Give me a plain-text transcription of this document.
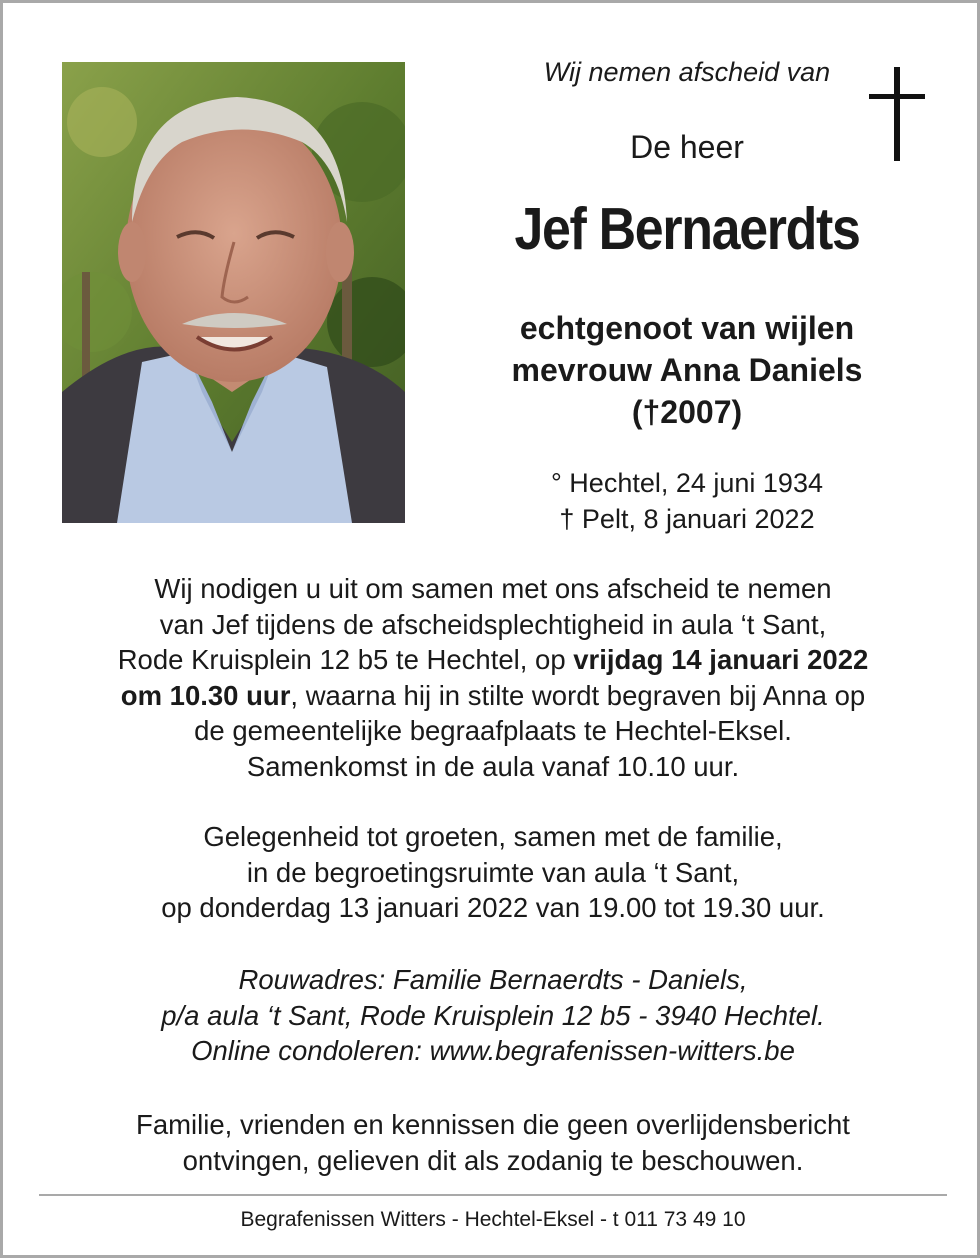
Wij nemen afscheid van
De heer
Jef Bernaerdts
echtgenoot van wijlen
mevrouw Anna Daniels
(†2007)
° Hechtel, 24 juni 1934
† Pelt, 8 januari 2022
Wij nodigen u uit om samen met ons afscheid te nemen
van Jef tijdens de afscheidsplechtigheid in aula ‘t Sant,
Rode Kruisplein 12 b5 te Hechtel, op vrijdag 14 januari 2022
om 10.30 uur, waarna hij in stilte wordt begraven bij Anna op
de gemeentelijke begraafplaats te Hechtel-Eksel.
Samenkomst in de aula vanaf 10.10 uur.
Gelegenheid tot groeten, samen met de familie,
in de begroetingsruimte van aula ‘t Sant,
op donderdag 13 januari 2022 van 19.00 tot 19.30 uur.
Rouwadres: Familie Bernaerdts - Daniels,
p/a aula ‘t Sant, Rode Kruisplein 12 b5 - 3940 Hechtel.
Online condoleren: www.begrafenissen-witters.be
Familie, vrienden en kennissen die geen overlijdensbericht
ontvingen, gelieven dit als zodanig te beschouwen.
Begrafenissen Witters - Hechtel-Eksel - t 011 73 49 10
